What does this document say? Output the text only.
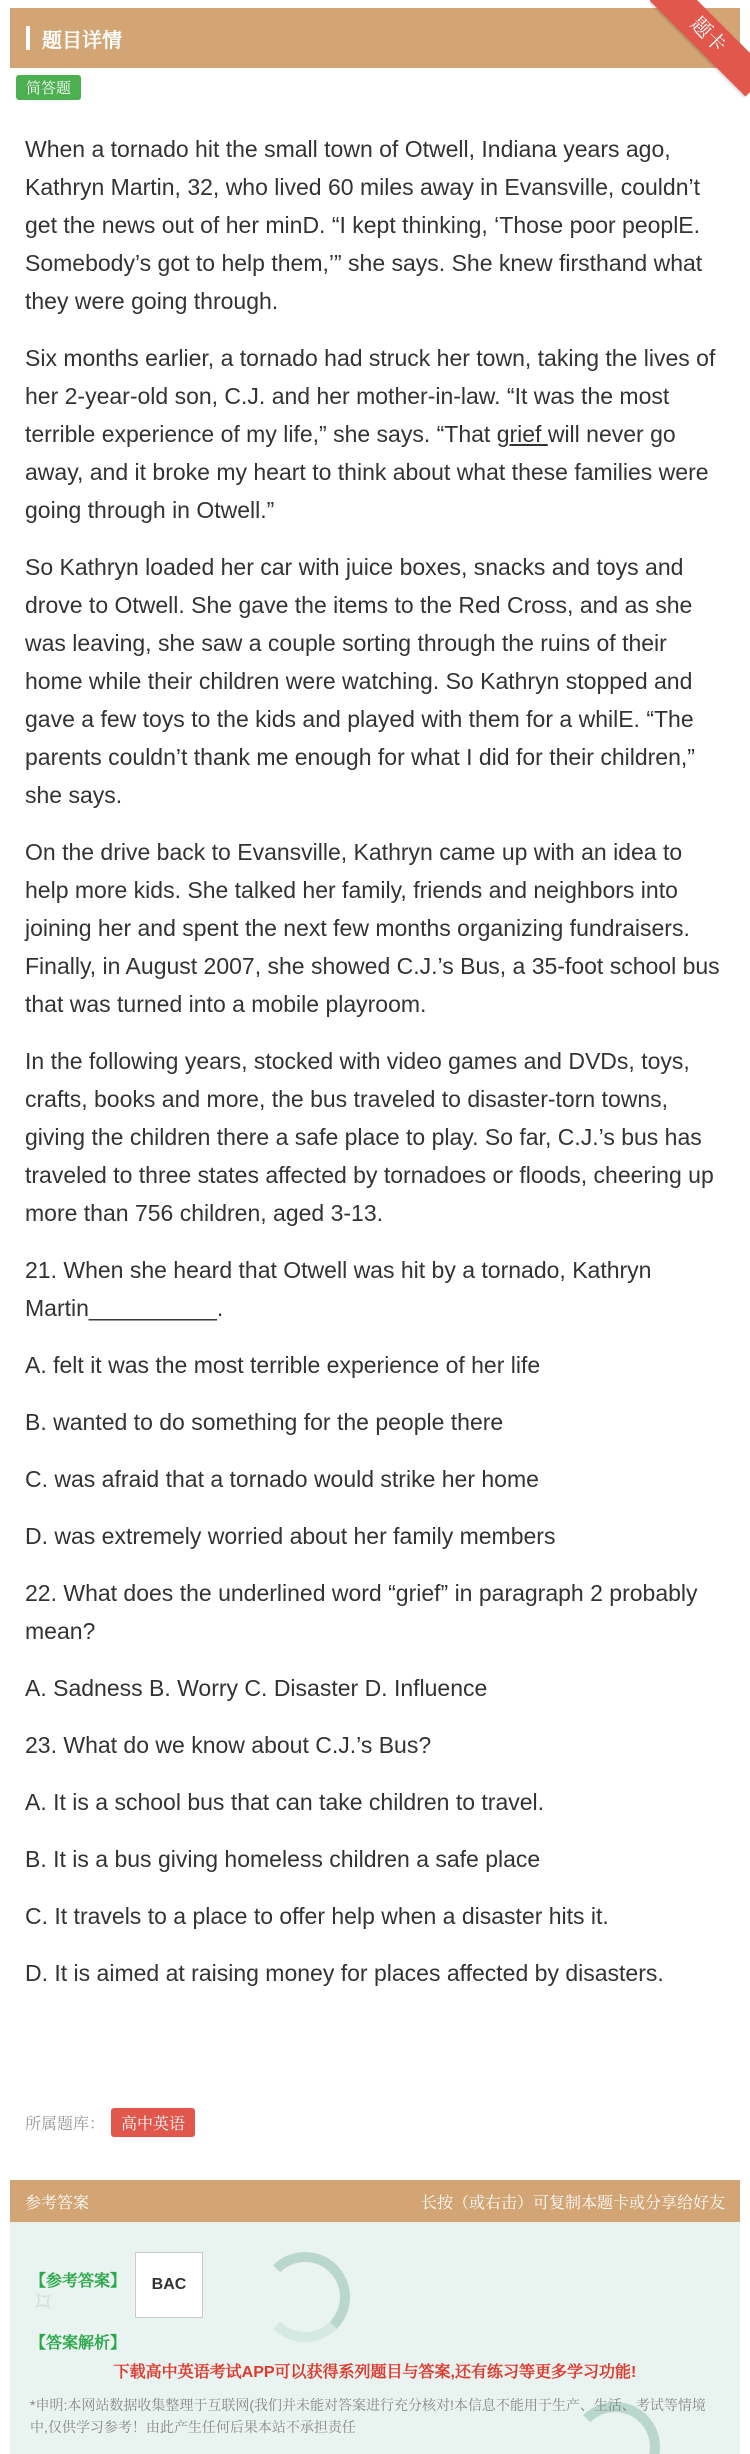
题目详情	题卡
简答题

When a tornado hit the small town of Otwell, Indiana years ago, Kathryn Martin, 32, who lived 60 miles away in Evansville, couldn’t get the news out of her minD. “I kept thinking, ‘Those poor peoplE. Somebody’s got to help them,’” she says. She knew firsthand what they were going through.

Six months earlier, a tornado had struck her town, taking the lives of her 2-year-old son, C.J. and her mother-in-law. “It was the most terrible experience of my life,” she says. “That grief will never go away, and it broke my heart to think about what these families were going through in Otwell.”

So Kathryn loaded her car with juice boxes, snacks and toys and drove to Otwell. She gave the items to the Red Cross, and as she was leaving, she saw a couple sorting through the ruins of their home while their children were watching. So Kathryn stopped and gave a few toys to the kids and played with them for a whilE. “The parents couldn’t thank me enough for what I did for their children,” she says.

On the drive back to Evansville, Kathryn came up with an idea to help more kids. She talked her family, friends and neighbors into joining her and spent the next few months organizing fundraisers. Finally, in August 2007, she showed C.J.’s Bus, a 35-foot school bus that was turned into a mobile playroom.

In the following years, stocked with video games and DVDs, toys, crafts, books and more, the bus traveled to disaster-torn towns, giving the children there a safe place to play. So far, C.J.’s bus has traveled to three states affected by tornadoes or floods, cheering up more than 756 children, aged 3-13.

21. When she heard that Otwell was hit by a tornado, Kathryn Martin__________.

A. felt it was the most terrible experience of her life

B. wanted to do something for the people there

C. was afraid that a tornado would strike her home

D. was extremely worried about her family members

22. What does the underlined word “grief” in paragraph 2 probably mean?

A. Sadness B. Worry C. Disaster D. Influence

23. What do we know about C.J.’s Bus?

A. It is a school bus that can take children to travel.

B. It is a bus giving homeless children a safe place

C. It travels to a place to offer help when a disaster hits it.

D. It is aimed at raising money for places affected by disasters.

所属题库：	高中英语
参考答案	长按（或右击）可复制本题卡或分享给好友
✧
【参考答案】	BAC
【答案解析】
下载高中英语考试APP可以获得系列题目与答案,还有练习等更多学习功能!
*申明:本网站数据收集整理于互联网(我们并未能对答案进行充分核对!本信息不能用于生产、生活、考试等情境中,仅供学习参考！由此产生任何后果本站不承担责任
